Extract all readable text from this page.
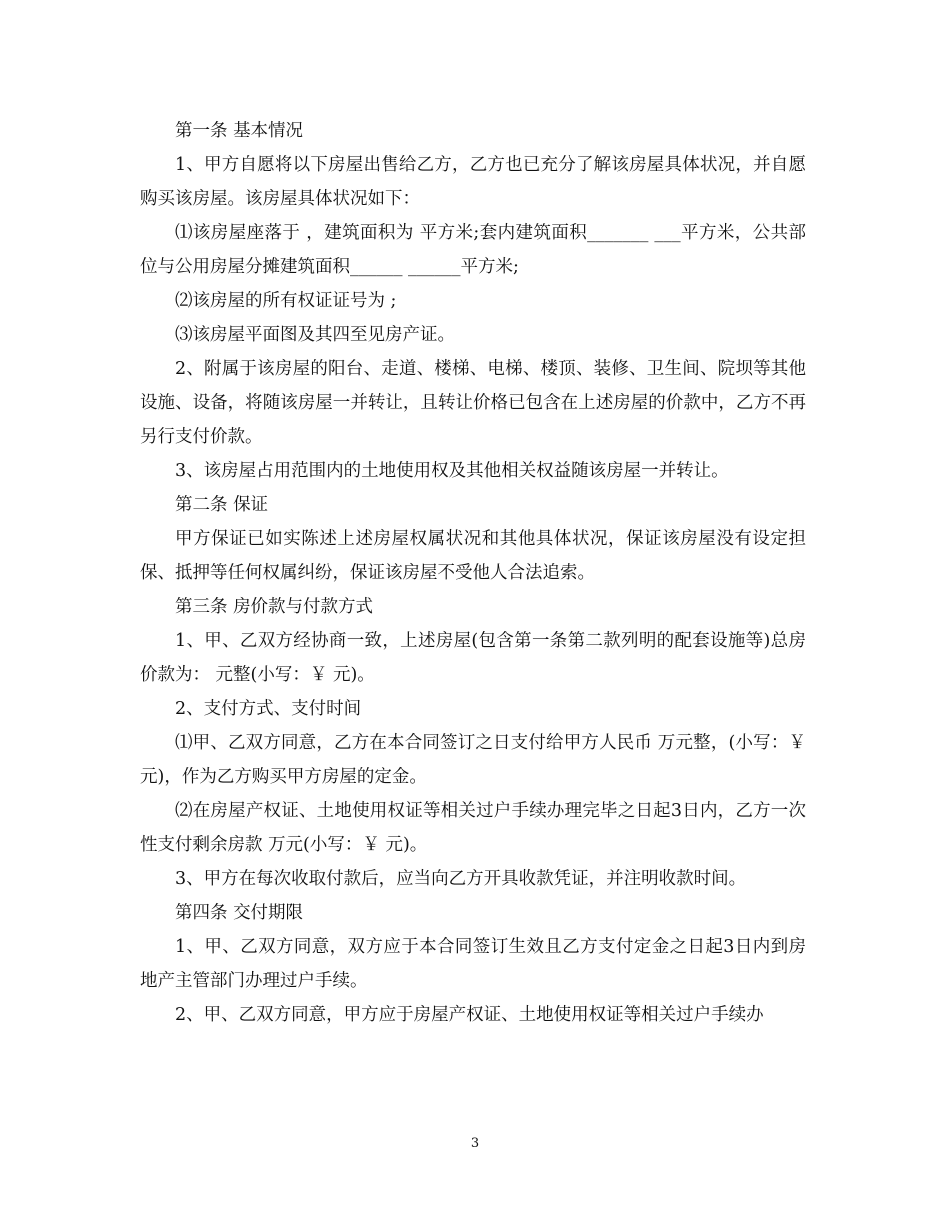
第一条 基本情况

1、甲方自愿将以下房屋出售给乙方，乙方也已充分了解该房屋具体状况，并自愿购买该房屋。该房屋具体状况如下：

⑴该房屋座落于 ，建筑面积为 平方米;套内建筑面积_______ ___平方米，公共部位与公用房屋分摊建筑面积______ ______平方米;

⑵该房屋的所有权证证号为 ;

⑶该房屋平面图及其四至见房产证。

2、附属于该房屋的阳台、走道、楼梯、电梯、楼顶、装修、卫生间、院坝等其他设施、设备，将随该房屋一并转让，且转让价格已包含在上述房屋的价款中，乙方不再另行支付价款。

3、该房屋占用范围内的土地使用权及其他相关权益随该房屋一并转让。

第二条 保证

甲方保证已如实陈述上述房屋权属状况和其他具体状况，保证该房屋没有设定担保、抵押等任何权属纠纷，保证该房屋不受他人合法追索。

第三条 房价款与付款方式

1、甲、乙双方经协商一致，上述房屋(包含第一条第二款列明的配套设施等)总房价款为： 元整(小写：￥ 元)。

2、支付方式、支付时间

⑴甲、乙双方同意，乙方在本合同签订之日支付给甲方人民币 万元整，(小写：￥ 元)，作为乙方购买甲方房屋的定金。

⑵在房屋产权证、土地使用权证等相关过户手续办理完毕之日起3日内，乙方一次性支付剩余房款 万元(小写：￥ 元)。

3、甲方在每次收取付款后，应当向乙方开具收款凭证，并注明收款时间。

第四条 交付期限

1、甲、乙双方同意，双方应于本合同签订生效且乙方支付定金之日起3日内到房地产主管部门办理过户手续。

2、甲、乙双方同意，甲方应于房屋产权证、土地使用权证等相关过户手续办

3
